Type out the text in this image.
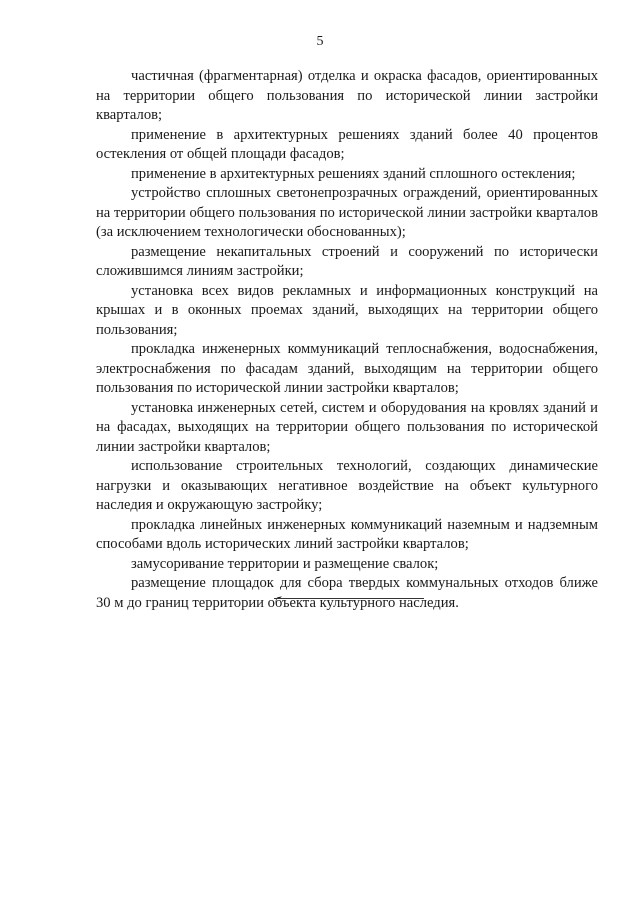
5

частичная (фрагментарная) отделка и окраска фасадов, ориентированных на территории общего пользования по исторической линии застройки кварталов;

применение в архитектурных решениях зданий более 40 процентов остекления от общей площади фасадов;

применение в архитектурных решениях зданий сплошного остекления;

устройство сплошных светонепрозрачных ограждений, ориентированных на территории общего пользования по исторической линии застройки кварталов (за исключением технологически обоснованных);

размещение некапитальных строений и сооружений по исторически сложившимся линиям застройки;

установка всех видов рекламных и информационных конструкций на крышах и в оконных проемах зданий, выходящих на территории общего пользования;

прокладка инженерных коммуникаций теплоснабжения, водоснабжения, электроснабжения по фасадам зданий, выходящим на территории общего пользования по исторической линии застройки кварталов;

установка инженерных сетей, систем и оборудования на кровлях зданий и на фасадах, выходящих на территории общего пользования по исторической линии застройки кварталов;

использование строительных технологий, создающих динамические нагрузки и оказывающих негативное воздействие на объект культурного наследия и окружающую застройку;

прокладка линейных инженерных коммуникаций наземным и надземным способами вдоль исторических линий застройки кварталов;

замусоривание территории и размещение свалок;

размещение площадок для сбора твердых коммунальных отходов ближе 30 м до границ территории объекта культурного наследия.
